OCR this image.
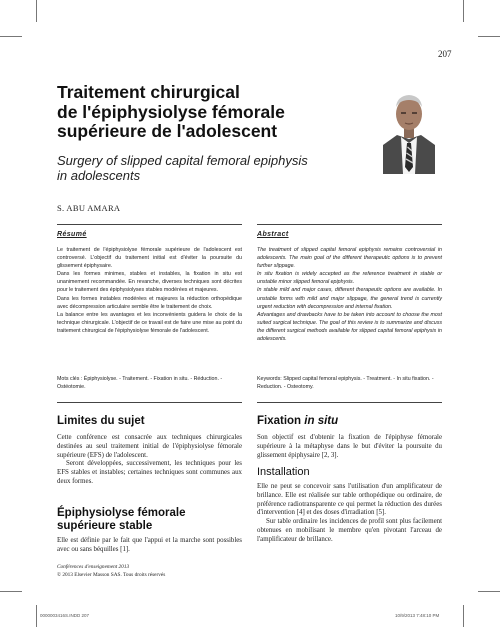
207
Traitement chirurgical
de l'épiphysiolyse fémorale
supérieure de l'adolescent
Surgery of slipped capital femoral epiphysis
in adolescents
S. ABU AMARA
Résumé

Le traitement de l'épiphysiolyse fémorale supérieure de l'adolescent est controversé. L'objectif du traitement initial est d'éviter la poursuite du glissement épiphysaire.

Dans les formes minimes, stables et instables, la fixation in situ est unanimement recommandée. En revanche, diverses techniques sont décrites pour le traitement des épiphysiolyses stables modérées et majeures.

Dans les formes instables modérées et majeures la réduction orthopédique avec décompression articulaire semble être le traitement de choix.

La balance entre les avantages et les inconvénients guidera le choix de la technique chirurgicale. L'objectif de ce travail est de faire une mise au point du traitement chirurgical de l'épiphysiolyse fémorale de l'adolescent.

Mots clés : Épiphysiolyse. - Traitement. - Fixation in situ. - Réduction. - Ostéotomie.
Abstract

The treatment of slipped capital femoral epiphysis remains controversial in adolescents. The main goal of the different therapeutic options is to prevent further slippage.

In situ fixation is widely accepted as the reference treatment in stable or unstable minor slipped femoral epiphysis.

In stable mild and major cases, different therapeutic options are available. In unstable forms with mild and major slippage, the general trend is currently urgent reduction with decompression and internal fixation.

Advantages and drawbacks have to be taken into account to choose the most suited surgical technique. The goal of this review is to summarize and discuss the different surgical methods available for slipped capital femoral epiphysis in adolescents.

Keywords: Slipped capital femoral epiphysis. - Treatment. - In situ fixation. - Reduction. - Osteotomy.
Limites du sujet

Cette conférence est consacrée aux techniques chirurgicales destinées au seul traitement initial de l'épiphysiolyse fémorale supérieure (EFS) de l'adolescent.

Seront développées, successivement, les techniques pour les EFS stables et instables; certaines techniques sont communes aux deux formes.

Épiphysiolyse fémorale supérieure stable

Elle est définie par le fait que l'appui et la marche sont possibles avec ou sans béquilles [1].

Conférences d'enseignement 2013
© 2013 Elsevier Masson SAS. Tous droits réservés
Fixation in situ

Son objectif est d'obtenir la fixation de l'épiphyse fémorale supérieure à la métaphyse dans le but d'éviter la poursuite du glissement épiphysaire [2, 3].

Installation

Elle ne peut se concevoir sans l'utilisation d'un amplificateur de brillance. Elle est réalisée sur table orthopédique ou ordinaire, de préférence radiotransparente ce qui permet la réduction des durées d'intervention [4] et des doses d'irradiation [5].

Sur table ordinaire les incidences de profil sont plus facilement obtenues en mobilisant le membre qu'en pivotant l'arceau de l'amplificateur de brillance.

0000003416S.INDD 207	10/9/2013 7:48:10 PM
